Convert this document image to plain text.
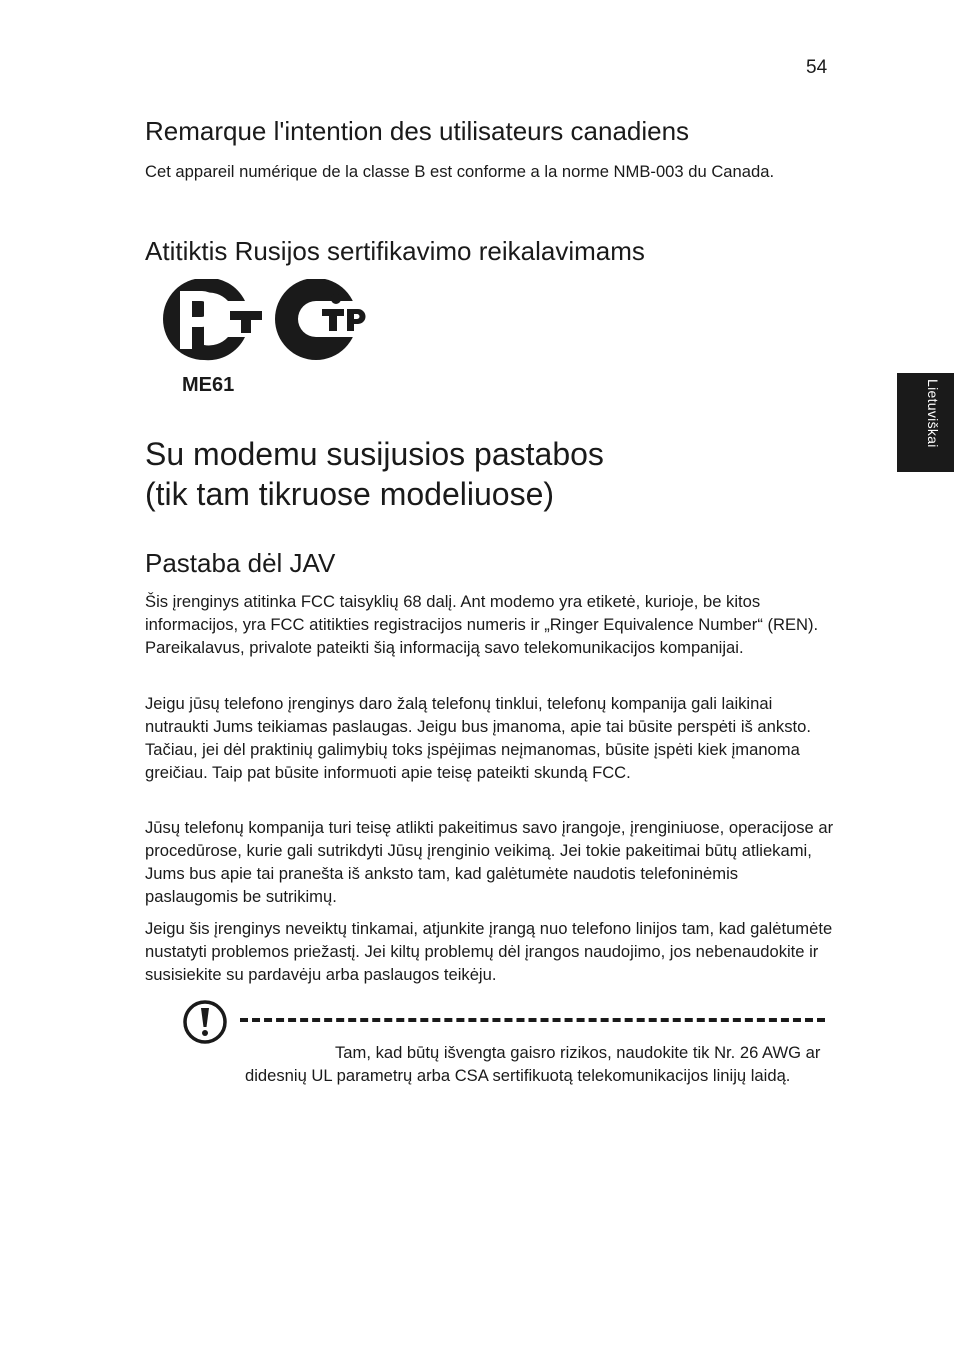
54
Lietuviškai
Remarque l'intention des utilisateurs canadiens

Cet appareil numérique de la classe B est conforme a la norme NMB-003 du Canada.

Atitiktis Rusijos sertifikavimo reikalavimams
ME61
Su modemu susijusios pastabos
(tik tam tikruose modeliuose)
Pastaba dėl JAV

Šis įrenginys atitinka FCC taisyklių 68 dalį. Ant modemo yra etiketė, kurioje, be kitos informacijos, yra FCC atitikties registracijos numeris ir „Ringer Equivalence Number“ (REN). Pareikalavus, privalote pateikti šią informaciją savo telekomunikacijos kompanijai.

Jeigu jūsų telefono įrenginys daro žalą telefonų tinklui, telefonų kompanija gali laikinai nutraukti Jums teikiamas paslaugas. Jeigu bus įmanoma, apie tai būsite perspėti iš anksto. Tačiau, jei dėl praktinių galimybių toks įspėjimas neįmanomas, būsite įspėti kiek įmanoma greičiau. Taip pat būsite informuoti apie teisę pateikti skundą FCC.

Jūsų telefonų kompanija turi teisę atlikti pakeitimus savo įrangoje, įrenginiuose, operacijose ar procedūrose, kurie gali sutrikdyti Jūsų įrenginio veikimą. Jei tokie pakeitimai būtų atliekami, Jums bus apie tai pranešta iš anksto tam, kad galėtumėte naudotis telefoninėmis paslaugomis be sutrikimų.

Jeigu šis įrenginys neveiktų tinkamai, atjunkite įrangą nuo telefono linijos tam, kad galėtumėte nustatyti problemos priežastį. Jei kiltų problemų dėl įrangos naudojimo, jos nebenaudokite ir susisiekite su pardavėju arba paslaugos teikėju.

Tam, kad būtų išvengta gaisro rizikos, naudokite tik Nr. 26 AWG ar didesnių UL parametrų arba CSA sertifikuotą telekomunikacijos linijų laidą.
